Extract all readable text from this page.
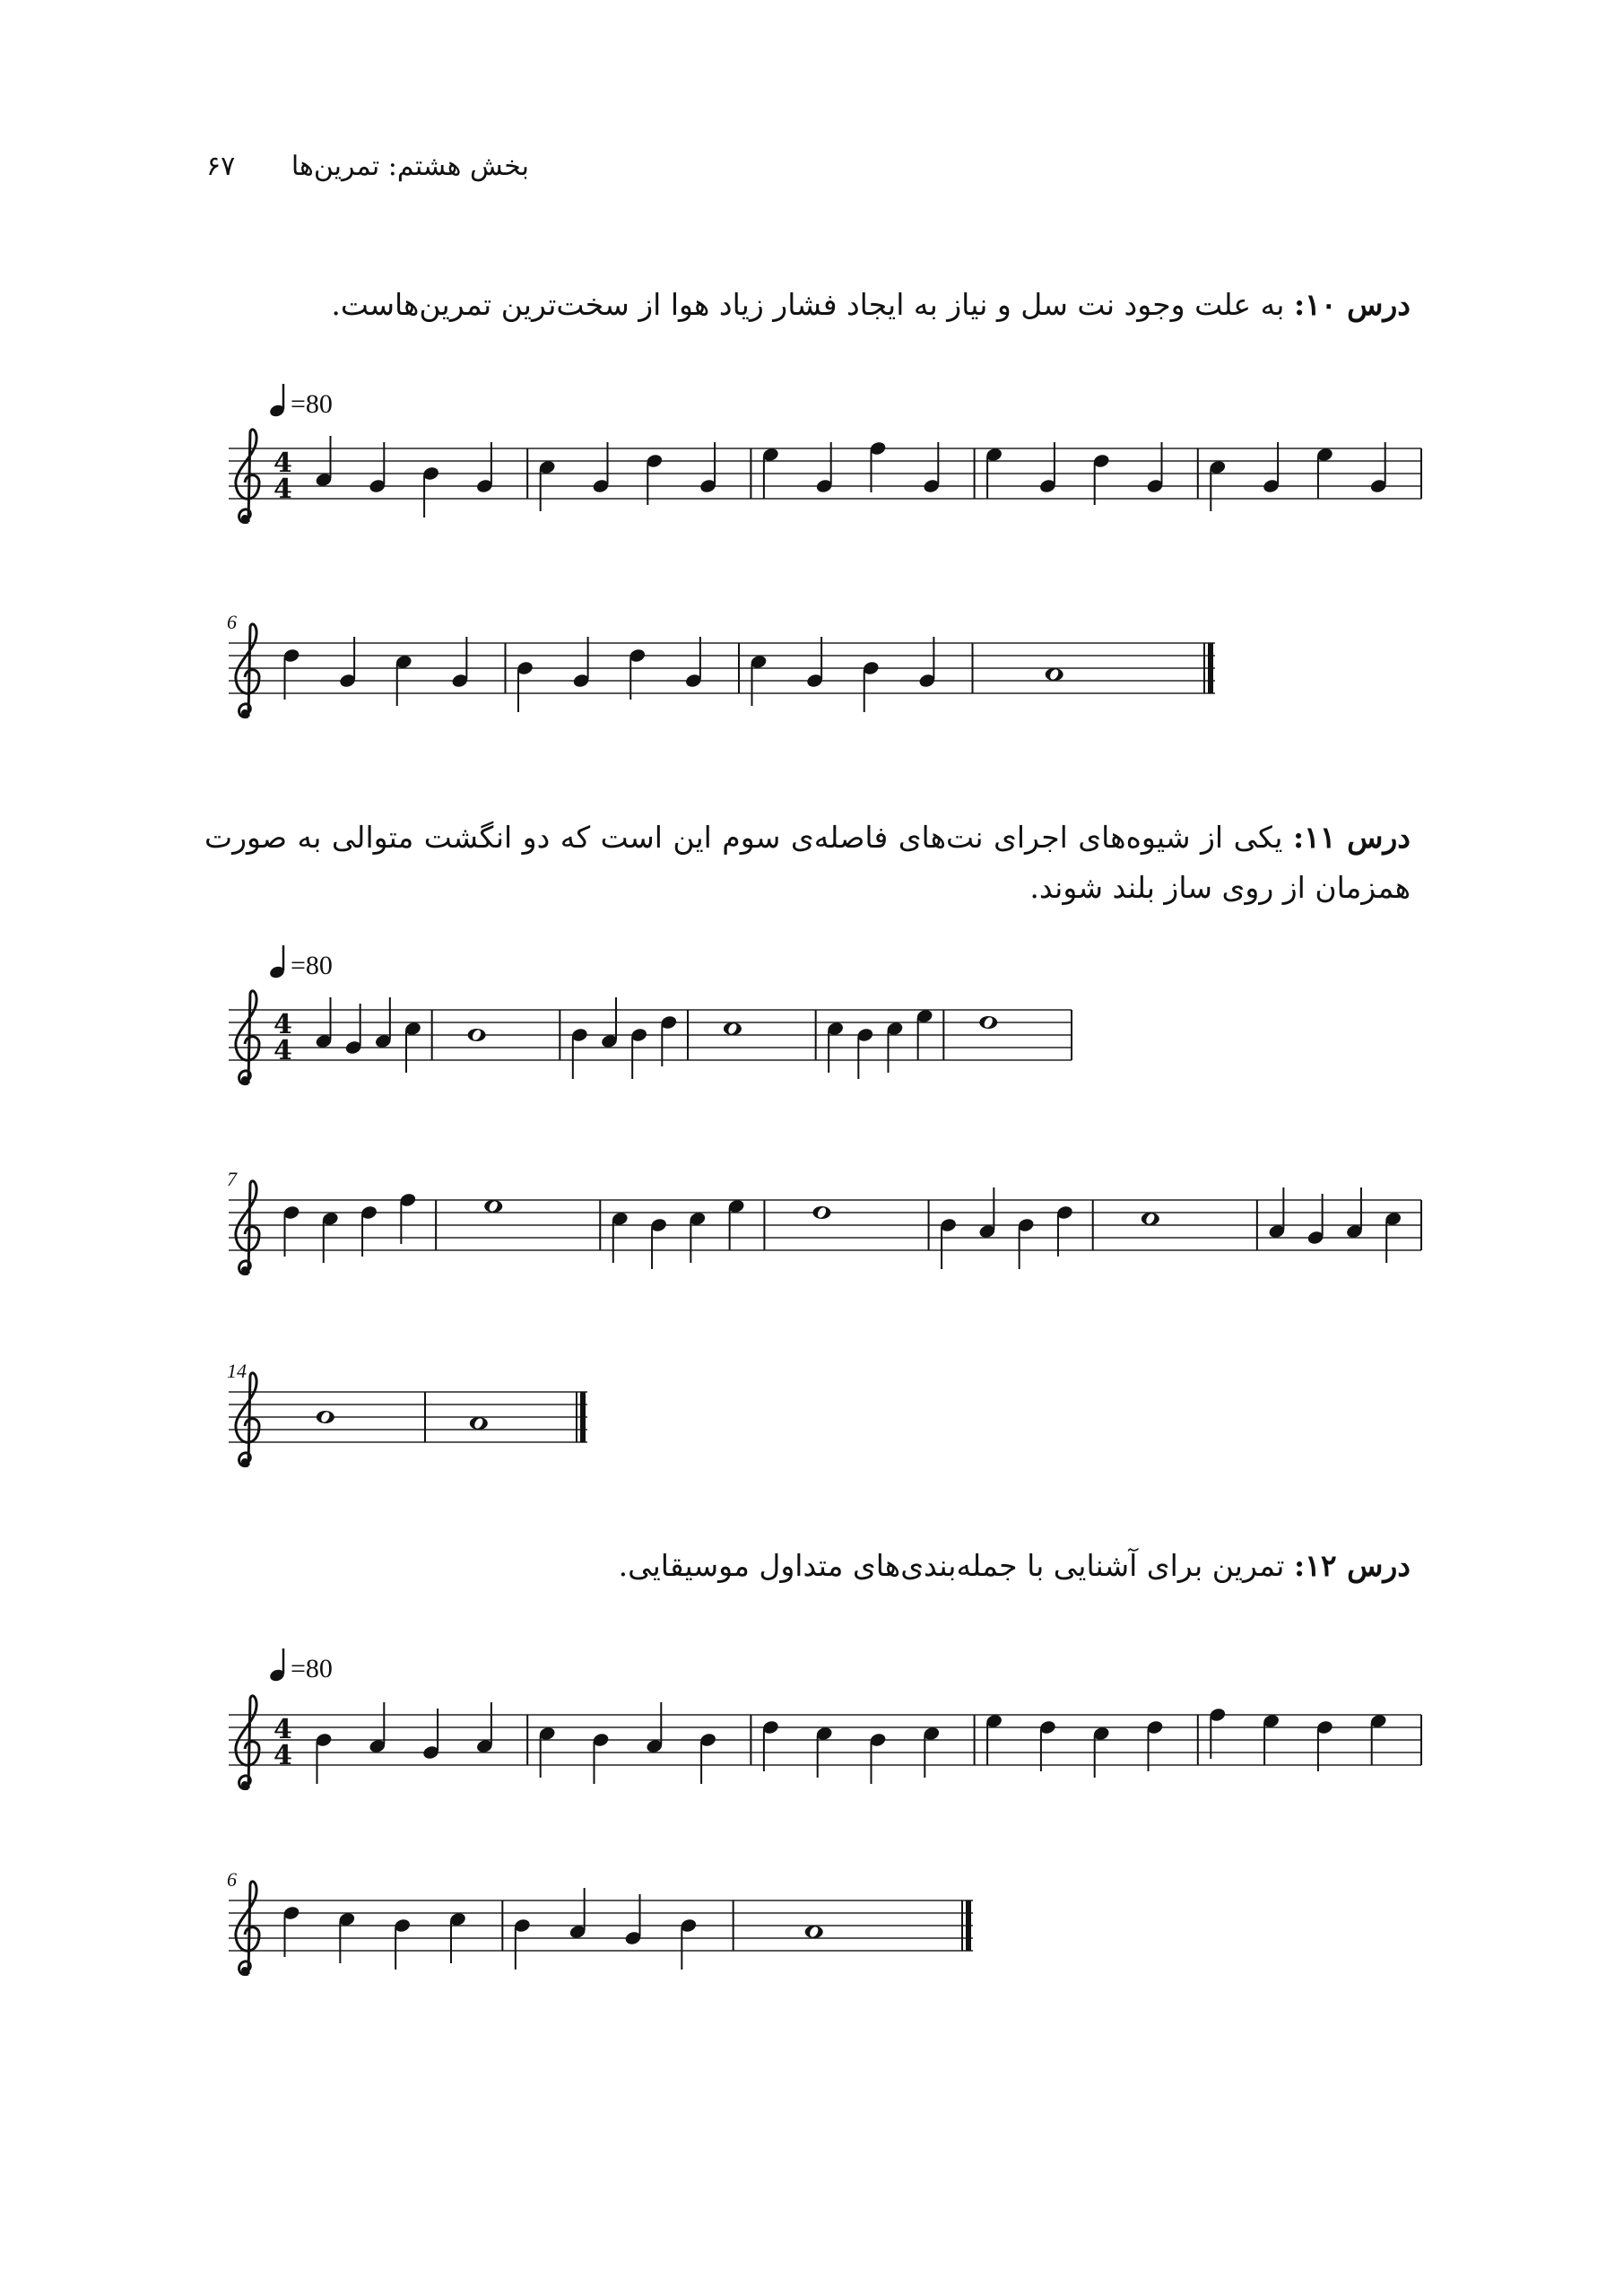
بخش هشتم: تمرین‌ها
۶۷
درس ۱۰: به علت وجود نت سل و نیاز به ایجاد فشار زیاد هوا از سخت‌ترین تمرین‌هاست.
=80
4
4
6
درس ۱۱: یکی از شیوه‌های اجرای نت‌های فاصله‌ی سوم این است که دو انگشت متوالی به صورت همزمان از روی ساز بلند شوند.
=80
4
4
7
14
درس ۱۲: تمرین برای آشنایی با جمله‌بندی‌های متداول موسیقایی.
=80
4
4
6
